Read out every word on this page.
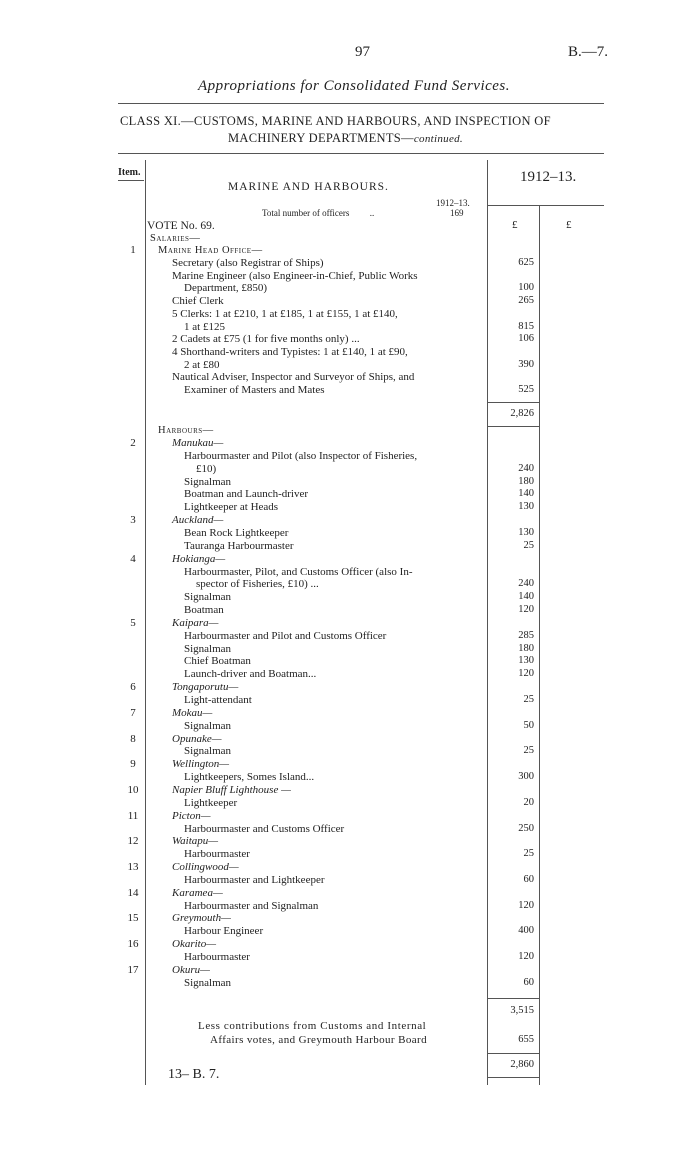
97	B.—7.
Appropriations for Consolidated Fund Services.
CLASS XI.—CUSTOMS, MARINE AND HARBOURS, AND INSPECTION OF
MACHINERY DEPARTMENTS—continued.
Item.	1912–13.
MARINE AND HARBOURS.
1912–13.
Total number of officers ..	169
VOTE No. 69.	£	£
Salaries—
1	Marine Head Office—
Secretary (also Registrar of Ships)	625
Marine Engineer (also Engineer-in-Chief, Public Works
Department, £850)	100
Chief Clerk	265
5 Clerks: 1 at £210, 1 at £185, 1 at £155, 1 at £140,
1 at £125	815
2 Cadets at £75 (1 for five months only) ...	106
4 Shorthand-writers and Typistes: 1 at £140, 1 at £90,
2 at £80	390
Nautical Adviser, Inspector and Surveyor of Ships, and
Examiner of Masters and Mates	525
2,826
Harbours—
2	Manukau—
Harbourmaster and Pilot (also Inspector of Fisheries,
£10)	240
Signalman	180
Boatman and Launch-driver	140
Lightkeeper at Heads	130
3	Auckland—
Bean Rock Lightkeeper	130
Tauranga Harbourmaster	25
4	Hokianga—
Harbourmaster, Pilot, and Customs Officer (also In-
spector of Fisheries, £10) ...	240
Signalman	140
Boatman	120
5	Kaipara—
Harbourmaster and Pilot and Customs Officer	285
Signalman	180
Chief Boatman	130
Launch-driver and Boatman...	120
6	Tongaporutu—
Light-attendant	25
7	Mokau—
Signalman	50
8	Opunake—
Signalman	25
9	Wellington—
Lightkeepers, Somes Island...	300
10	Napier Bluff Lighthouse —
Lightkeeper	20
11	Picton—
Harbourmaster and Customs Officer	250
12	Waitapu—
Harbourmaster	25
13	Collingwood—
Harbourmaster and Lightkeeper	60
14	Karamea—
Harbourmaster and Signalman	120
15	Greymouth—
Harbour Engineer	400
16	Okarito—
Harbourmaster	120
17	Okuru—
Signalman	60
3,515
Less contributions from Customs and Internal
Affairs votes, and Greymouth Harbour Board	655
2,860
13– B. 7.
